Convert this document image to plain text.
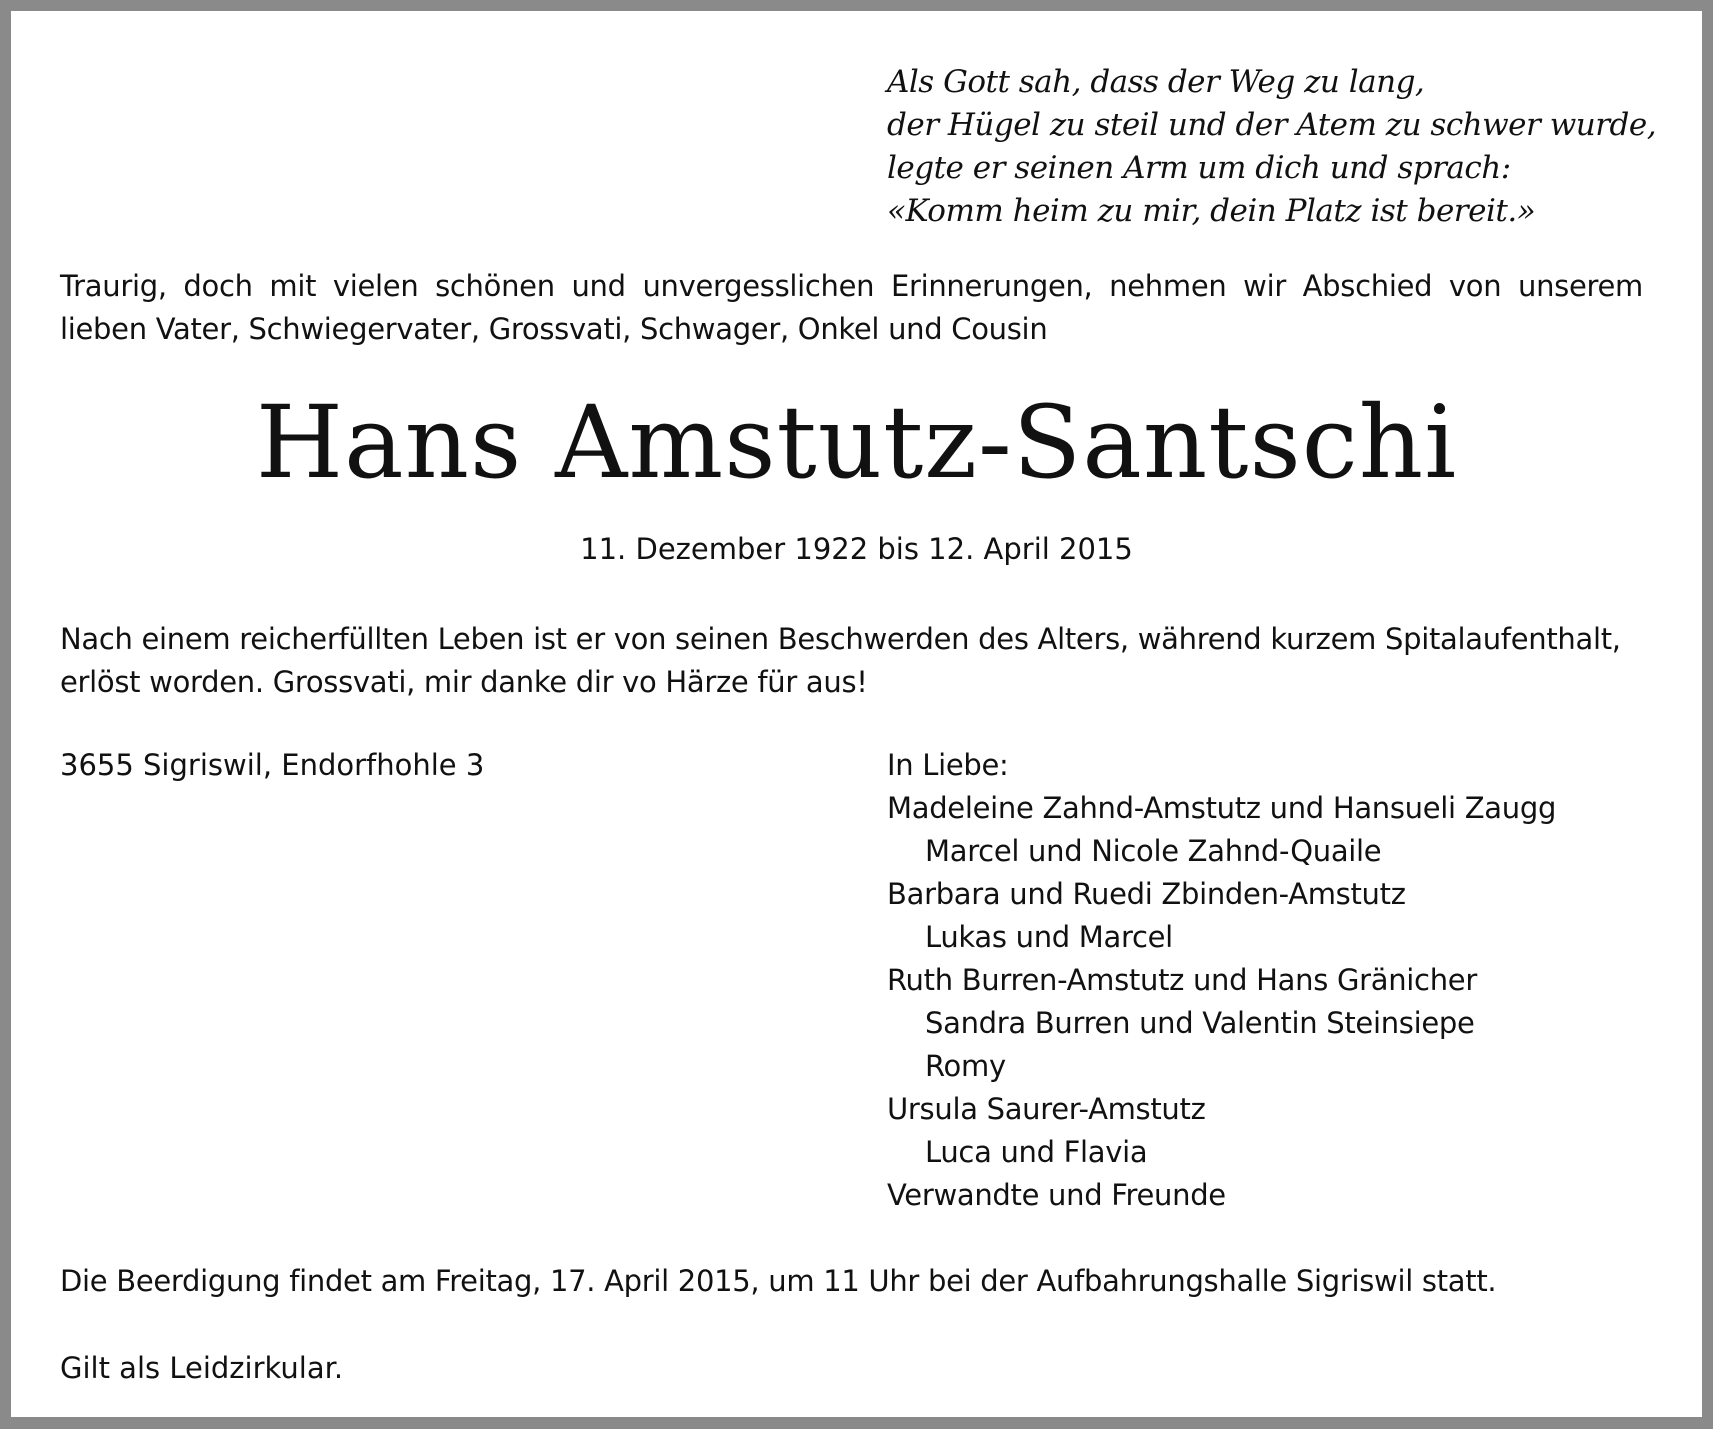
Als Gott sah, dass der Weg zu lang,
der Hügel zu steil und der Atem zu schwer wurde,
legte er seinen Arm um dich und sprach:
«Komm heim zu mir, dein Platz ist bereit.»
Traurig, doch mit vielen schönen und unvergesslichen Erinnerungen, nehmen wir Abschied von unserem
lieben Vater, Schwiegervater, Grossvati, Schwager, Onkel und Cousin
Hans Amstutz-Santschi
11. Dezember 1922 bis 12. April 2015
Nach einem reicherfüllten Leben ist er von seinen Beschwerden des Alters, während kurzem Spitalaufenthalt,
erlöst worden. Grossvati, mir danke dir vo Härze für aus!
3655 Sigriswil, Endorfhohle 3	In Liebe:
Madeleine Zahnd-Amstutz und Hansueli Zaugg
Marcel und Nicole Zahnd-Quaile
Barbara und Ruedi Zbinden-Amstutz
Lukas und Marcel
Ruth Burren-Amstutz und Hans Gränicher
Sandra Burren und Valentin Steinsiepe
Romy
Ursula Saurer-Amstutz
Luca und Flavia
Verwandte und Freunde
Die Beerdigung findet am Freitag, 17. April 2015, um 11 Uhr bei der Aufbahrungshalle Sigriswil statt.
Gilt als Leidzirkular.
